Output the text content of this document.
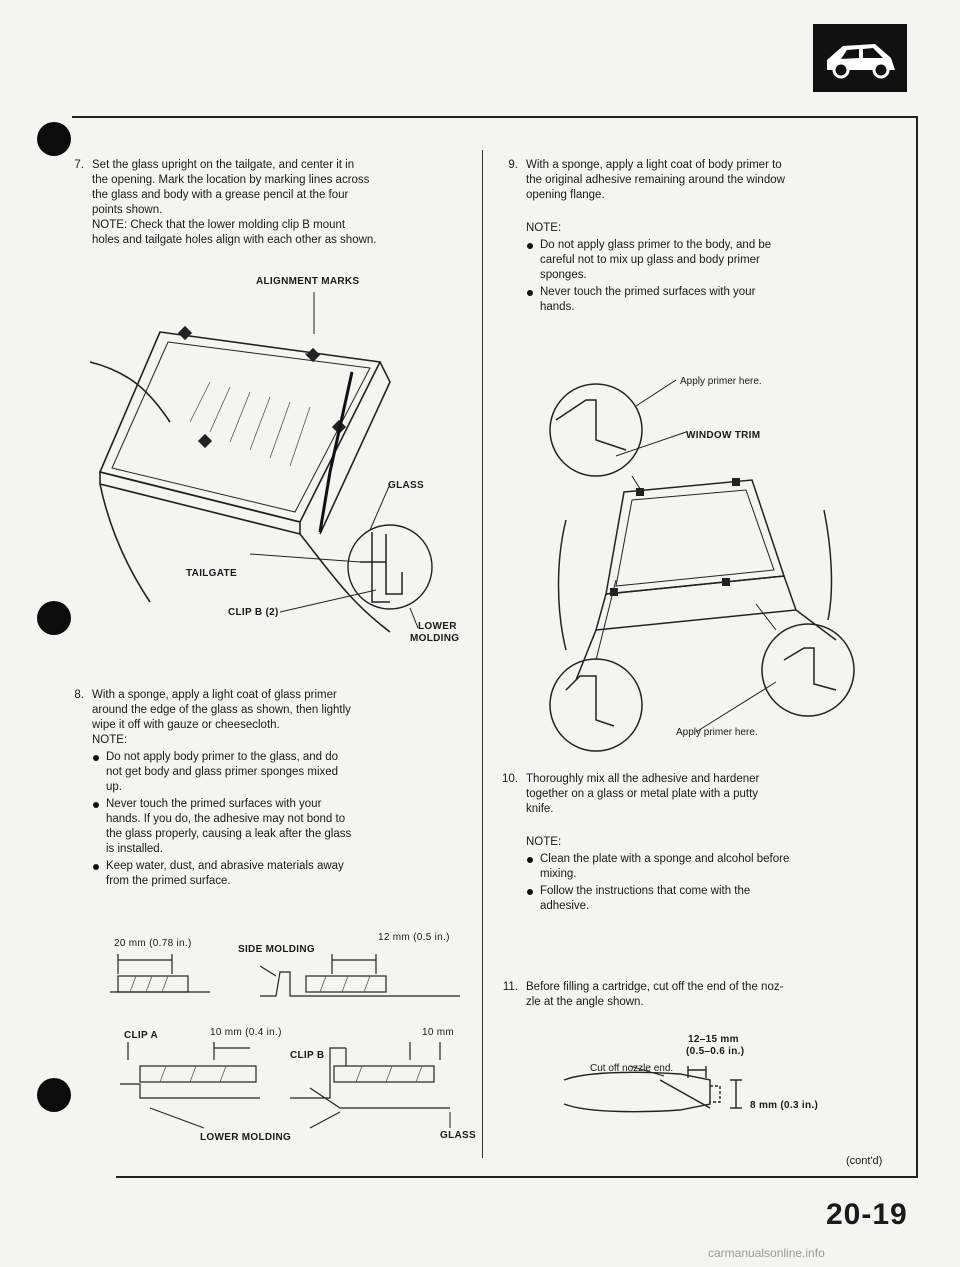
7. Set the glass upright on the tailgate, and center it in

the opening. Mark the location by marking lines across

the glass and body with a grease pencil at the four

points shown.

NOTE: Check that the lower molding clip B mount

holes and tailgate holes align with each other as shown.

ALIGNMENT MARKS
GLASS
TAILGATE
CLIP B (2)
LOWER
MOLDING
8. With a sponge, apply a light coat of glass primer

around the edge of the glass as shown, then lightly

wipe it off with gauze or cheesecloth.

NOTE:

Do not apply body primer to the glass, and do
not get body and glass primer sponges mixed
up.
Never touch the primed surfaces with your
hands. If you do, the adhesive may not bond to
the glass properly, causing a leak after the glass
is installed.
Keep water, dust, and abrasive materials away
from the primed surface.
20 mm (0.78 in.)
12 mm (0.5 in.)
SIDE MOLDING
CLIP A	10 mm (0.4 in.)	10 mm
CLIP B
LOWER MOLDING	GLASS
9. With a sponge, apply a light coat of body primer to

the original adhesive remaining around the window

opening flange.

NOTE:

Do not apply glass primer to the body, and be
careful not to mix up glass and body primer
sponges.
Never touch the primed surfaces with your
hands.
Apply primer here.
WINDOW TRIM
Apply primer here.
10. Thoroughly mix all the adhesive and hardener

together on a glass or metal plate with a putty

knife.

NOTE:

Clean the plate with a sponge and alcohol before
mixing.
Follow the instructions that come with the
adhesive.
11. Before filling a cartridge, cut off the end of the noz-

zle at the angle shown.

12–15 mm
(0.5–0.6 in.)
Cut off nozzle end.
8 mm (0.3 in.)
(cont'd)
20-19
carmanualsonline.info
